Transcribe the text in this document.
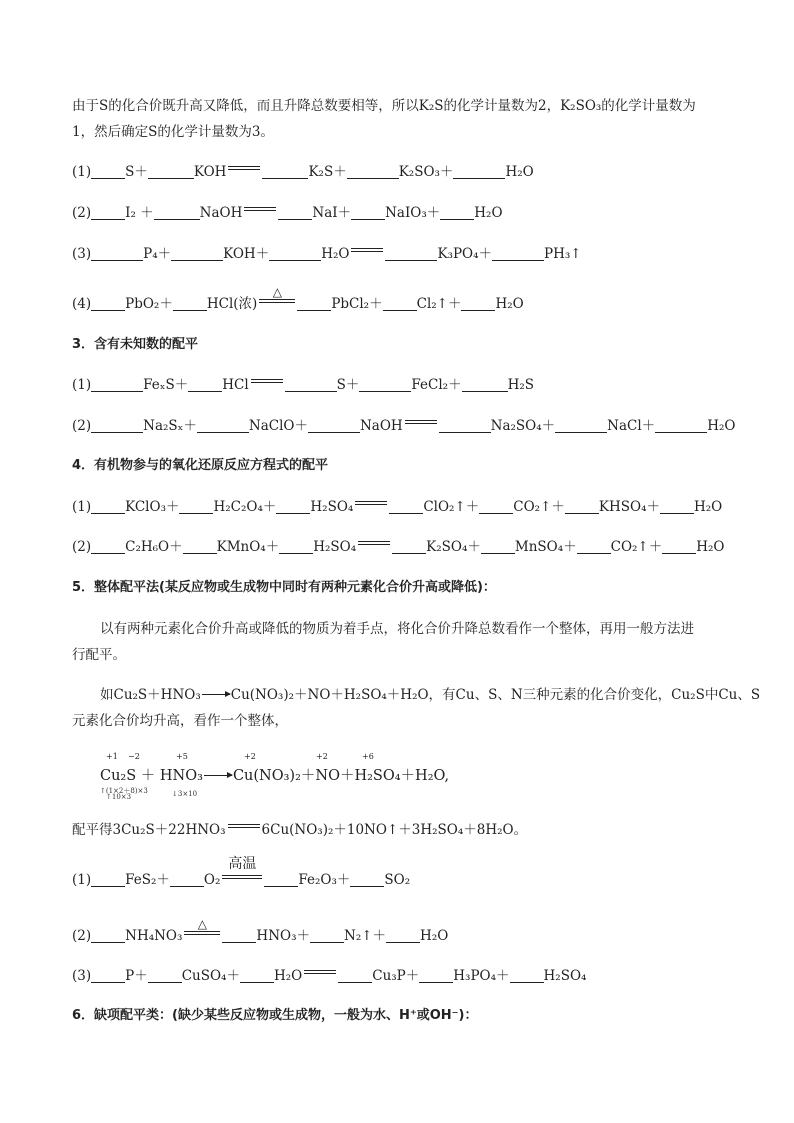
由于S的化合价既升高又降低，而且升降总数要相等，所以K₂S的化学计量数为2，K₂SO₃的化学计量数为
1，然后确定S的化学计量数为3。
(1)	S＋	KOH	K₂S＋	K₂SO₃＋	H₂O
(2)	I₂ ＋	NaOH	NaI＋	NaIO₃＋	H₂O
(3)	P₄＋	KOH＋	H₂O	K₃PO₄＋	PH₃↑
(4)	PbO₂＋	HCl(浓)
△
PbCl₂＋	Cl₂↑＋	H₂O
3．含有未知数的配平
(1)	FeₓS＋	HCl	S＋	FeCl₂＋	H₂S
(2)	Na₂Sₓ＋	NaClO＋	NaOH	Na₂SO₄＋	NaCl＋	H₂O
4．有机物参与的氧化还原反应方程式的配平
(1)	KClO₃＋	H₂C₂O₄＋	H₂SO₄	ClO₂↑＋	CO₂↑＋	KHSO₄＋	H₂O
(2)	C₂H₆O＋	KMnO₄＋	H₂SO₄	K₂SO₄＋	MnSO₄＋	CO₂↑＋	H₂O
5．整体配平法(某反应物或生成物中同时有两种元素化合价升高或降低)：
以有两种元素化合价升高或降低的物质为着手点，将化合价升降总数看作一个整体，再用一般方法进
行配平。
如Cu₂S＋HNO₃→Cu(NO₃)₂＋NO＋H₂SO₄＋H₂O，有Cu、S、N三种元素的化合价变化，Cu₂S中Cu、S
元素化合价均升高，看作一个整体，
+1 −2	+5	+2	+2	+6
Cu₂S ＋ HNO₃→Cu(NO₃)₂＋NO＋H₂SO₄＋H₂O,
↑(1×2＋8)×3
↑10×3	↓3×10
配平得3Cu₂S＋22HNO₃	6Cu(NO₃)₂＋10NO↑＋3H₂SO₄＋8H₂O。
(1)	FeS₂＋	O₂
高温
Fe₂O₃＋	SO₂
(2)	NH₄NO₃
△
HNO₃＋	N₂↑＋	H₂O
(3)	P＋	CuSO₄＋	H₂O	Cu₃P＋	H₃PO₄＋	H₂SO₄
6．缺项配平类：(缺少某些反应物或生成物，一般为水、H⁺或OH⁻)：
